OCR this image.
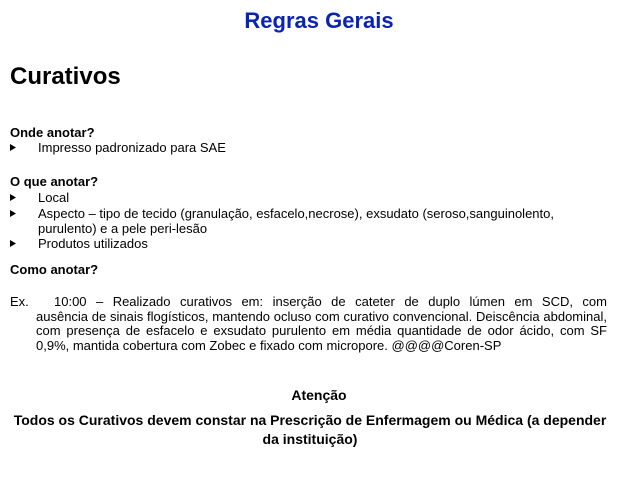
Regras Gerais
Curativos
Onde anotar?
Impresso padronizado para SAE
O que anotar?
Local
Aspecto – tipo de tecido (granulação, esfacelo,necrose), exsudato (seroso,sanguinolento, purulento) e a pele peri-lesão
Produtos utilizados
Como anotar?
Ex. 10:00 – Realizado curativos em: inserção de cateter de duplo lúmen em SCD, com
ausência de sinais flogísticos, mantendo ocluso com curativo convencional. Deiscência abdominal, com presença de esfacelo e exsudato purulento em média quantidade de odor ácido, com SF 0,9%, mantida cobertura com Zobec e fixado com micropore. @@@@Coren-SP
Atenção
Todos os Curativos devem constar na Prescrição de Enfermagem ou Médica (a depender da instituição)
